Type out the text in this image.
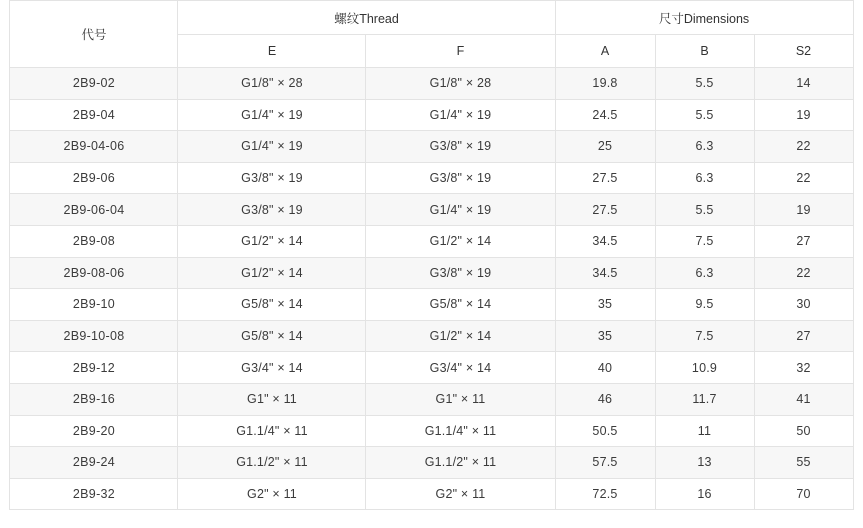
代号	螺纹Thread		尺寸Dimensions		
	E	F	A	B	S2
2B9-02	G1/8" × 28	G1/8" × 28	19.8	5.5	14
2B9-04	G1/4" × 19	G1/4" × 19	24.5	5.5	19
2B9-04-06	G1/4" × 19	G3/8" × 19	25	6.3	22
2B9-06	G3/8" × 19	G3/8" × 19	27.5	6.3	22
2B9-06-04	G3/8" × 19	G1/4" × 19	27.5	5.5	19
2B9-08	G1/2" × 14	G1/2" × 14	34.5	7.5	27
2B9-08-06	G1/2" × 14	G3/8" × 19	34.5	6.3	22
2B9-10	G5/8" × 14	G5/8" × 14	35	9.5	30
2B9-10-08	G5/8" × 14	G1/2" × 14	35	7.5	27
2B9-12	G3/4" × 14	G3/4" × 14	40	10.9	32
2B9-16	G1" × 11	G1" × 11	46	11.7	41
2B9-20	G1.1/4" × 11	G1.1/4" × 11	50.5	11	50
2B9-24	G1.1/2" × 11	G1.1/2" × 11	57.5	13	55
2B9-32	G2" × 11	G2" × 11	72.5	16	70
